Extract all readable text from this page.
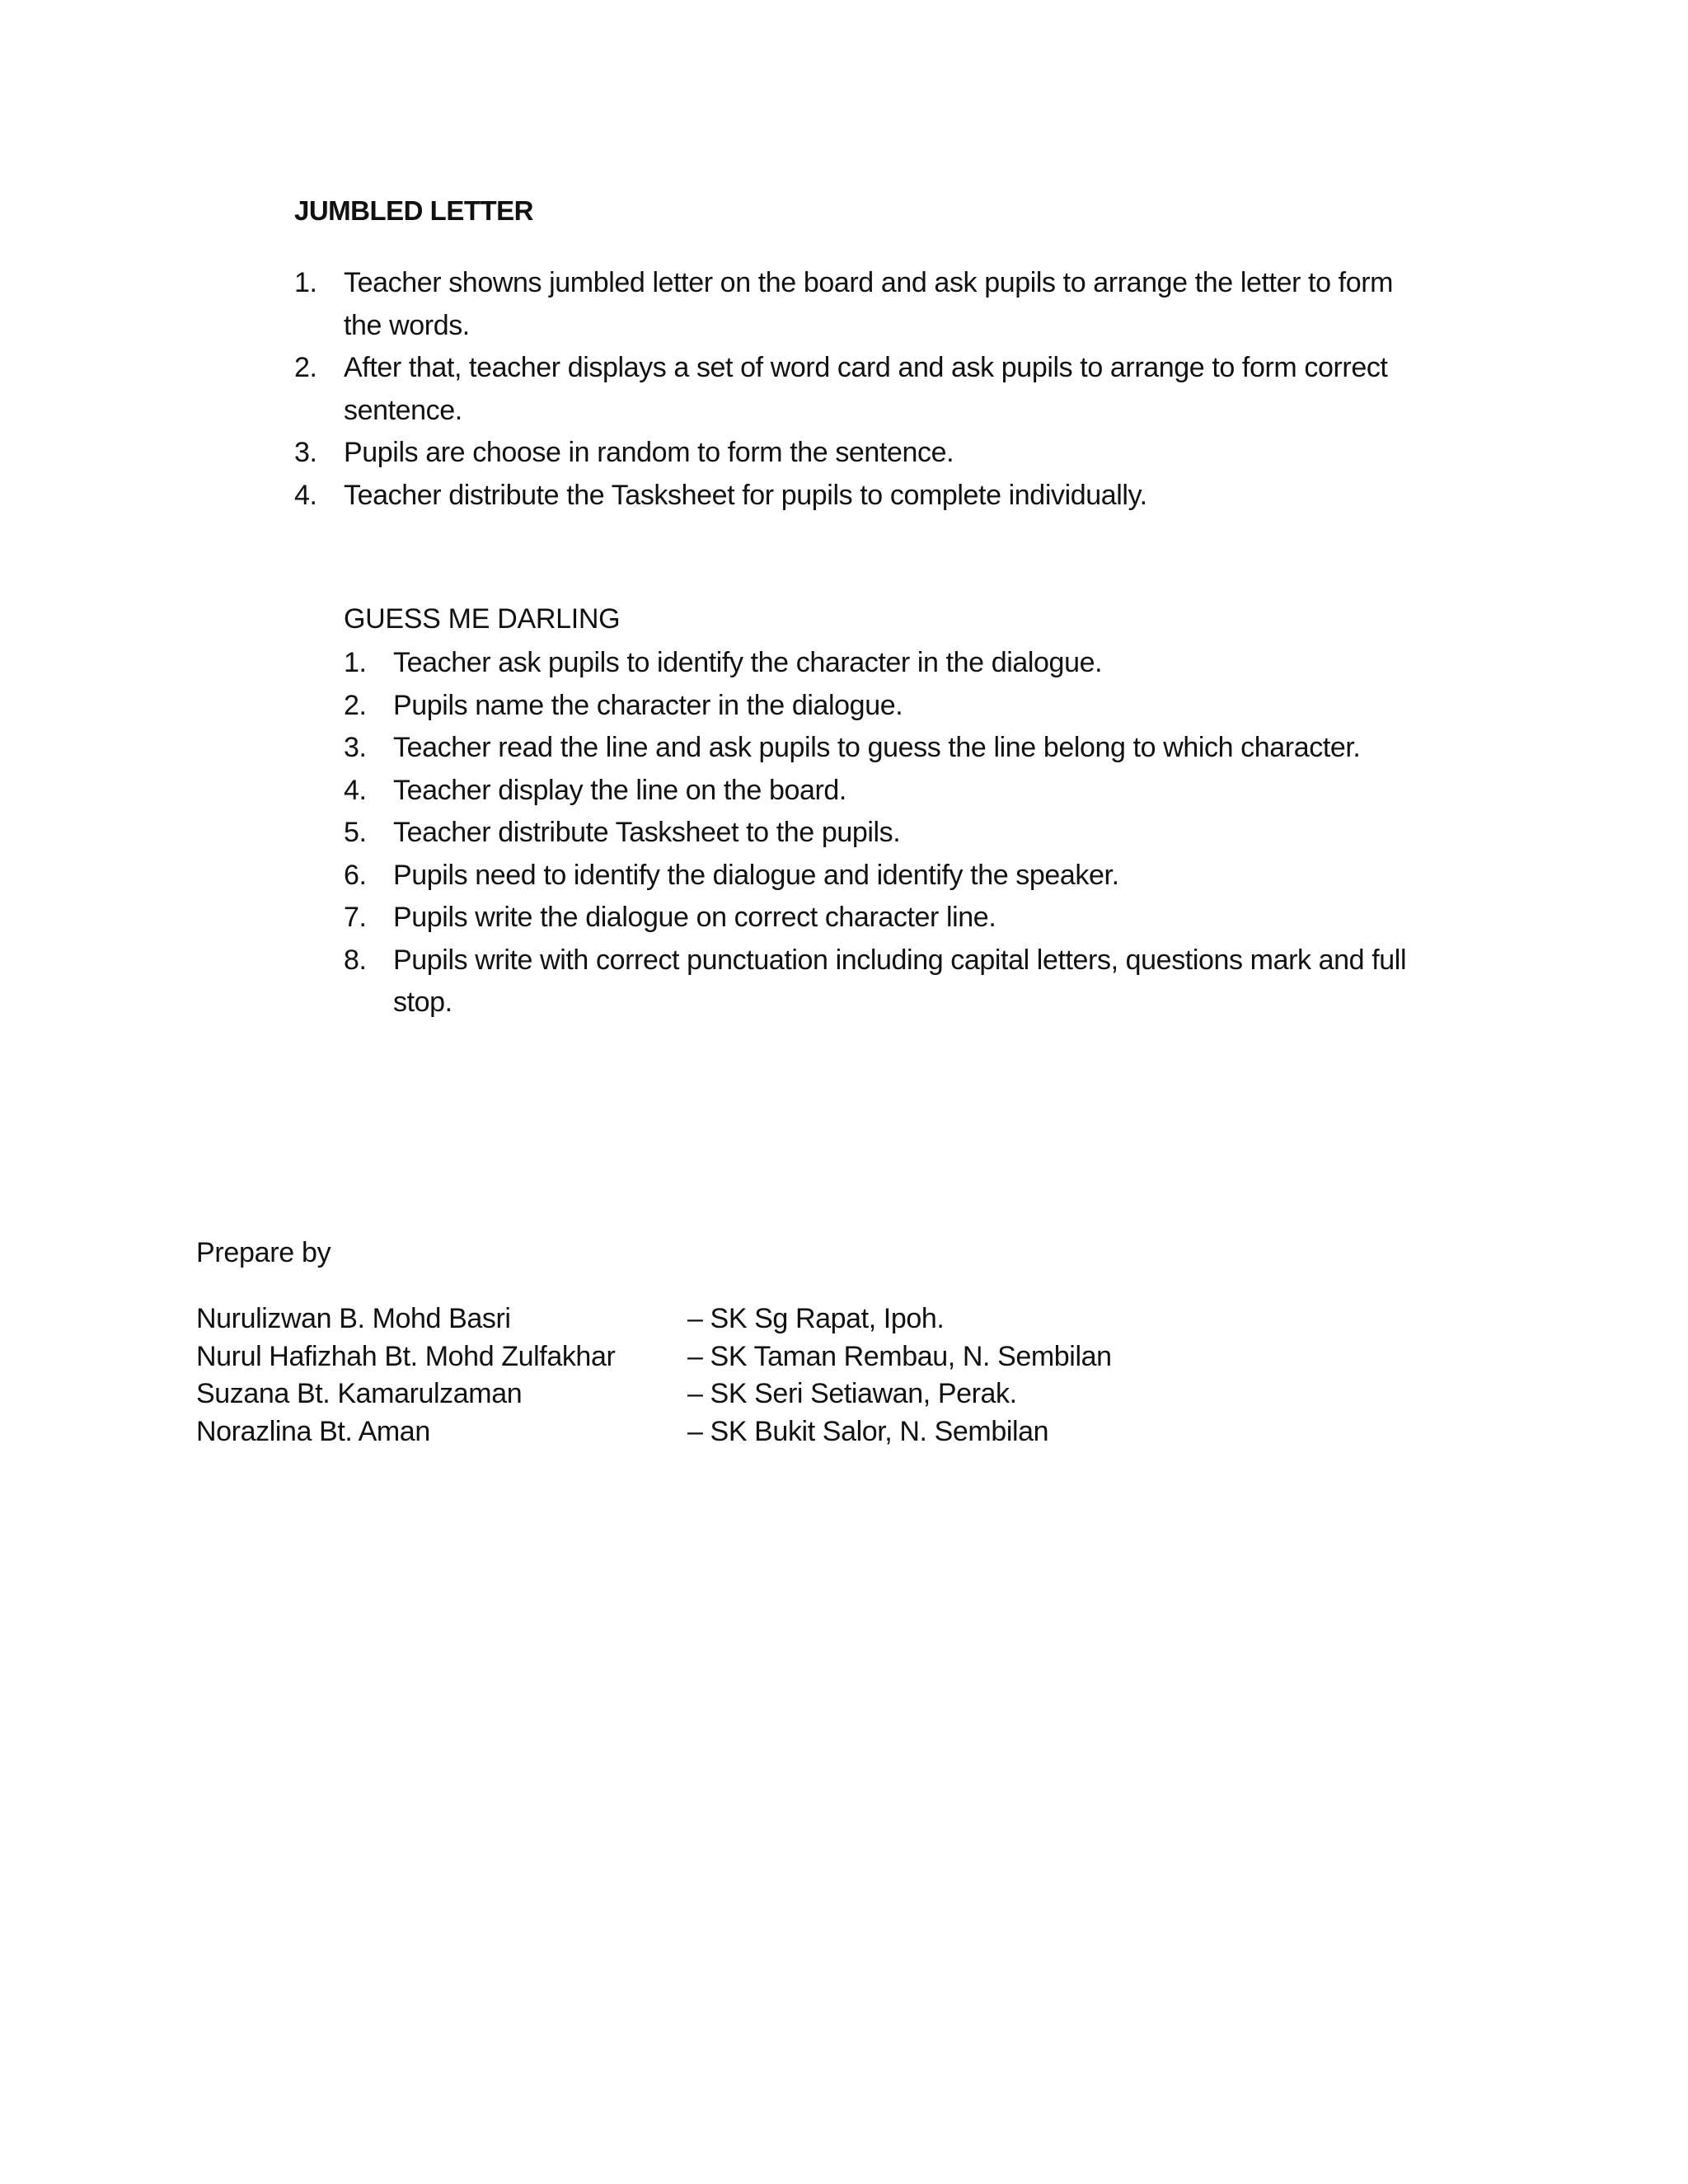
JUMBLED LETTER
1. Teacher showns jumbled letter on the board and ask pupils to arrange the letter to form
the words.
2. After that, teacher displays a set of word card and ask pupils to arrange to form correct
sentence.
3. Pupils are choose in random to form the sentence.
4. Teacher distribute the Tasksheet for pupils to complete individually.
GUESS ME DARLING
1. Teacher ask pupils to identify the character in the dialogue.
2. Pupils name the character in the dialogue.
3. Teacher read the line and ask pupils to guess the line belong to which character.
4. Teacher display the line on the board.
5. Teacher distribute Tasksheet to the pupils.
6. Pupils need to identify the dialogue and identify the speaker.
7. Pupils write the dialogue on correct character line.
8. Pupils write with correct punctuation including capital letters, questions mark and full
stop.
Prepare by
Nurulizwan B. Mohd Basri	– SK Sg Rapat, Ipoh.
Nurul Hafizhah Bt. Mohd Zulfakhar	– SK Taman Rembau, N. Sembilan
Suzana Bt. Kamarulzaman	– SK Seri Setiawan, Perak.
Norazlina Bt. Aman	– SK Bukit Salor, N. Sembilan
